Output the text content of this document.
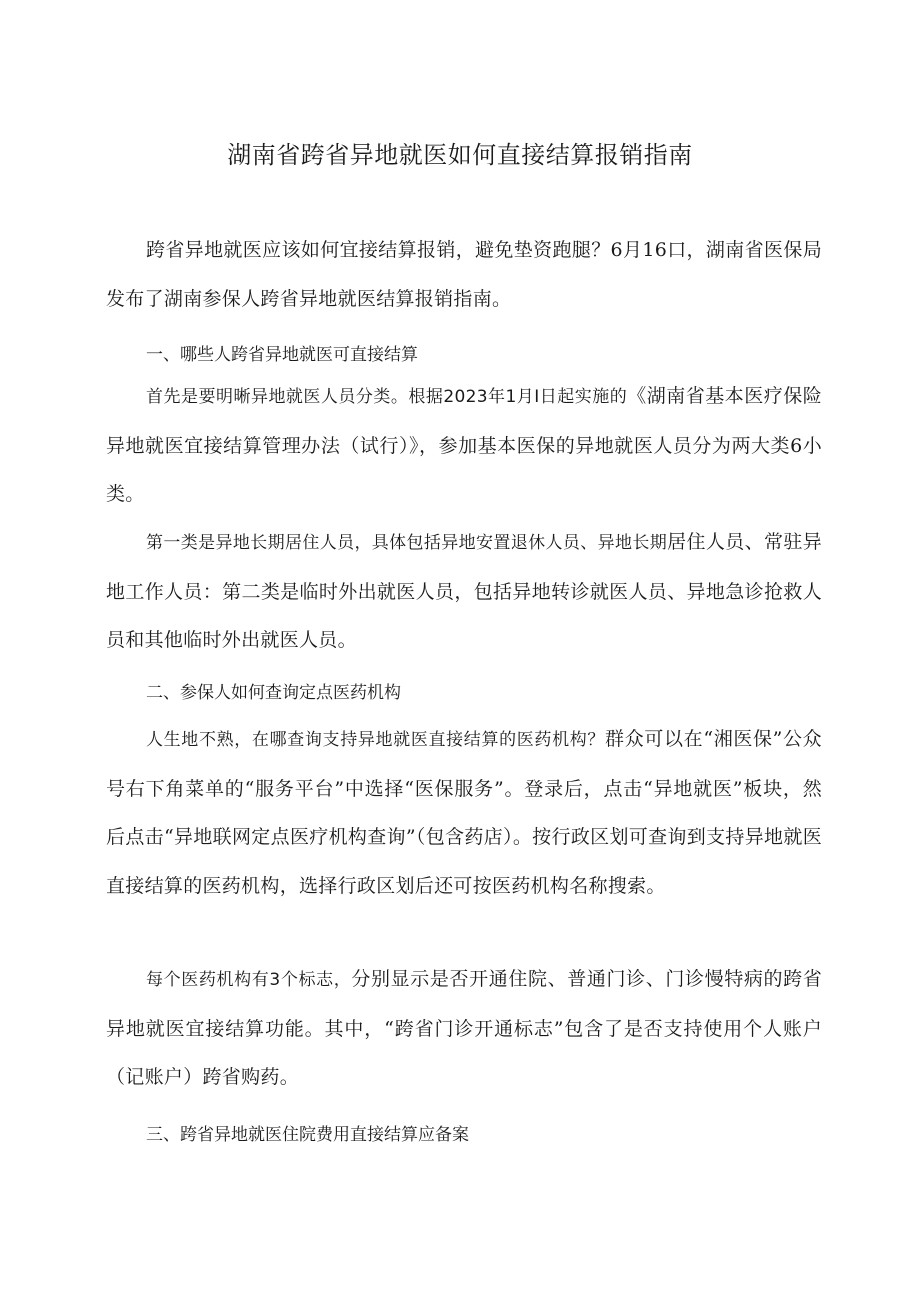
湖南省跨省异地就医如何直接结算报销指南

跨省异地就医应该如何宜接结算报销，避免垫资跑腿？6月16口，湖南省医保局发布了湖南参保人跨省异地就医结算报销指南。

一、哪些人跨省异地就医可直接结算

首先是要明晰异地就医人员分类。根据2023年1月I日起实施的《湖南省基本医疗保险异地就医宜接结算管理办法（试行）》，参加基本医保的异地就医人员分为两大类6小类。

第一类是异地长期居住人员，具体包括异地安置退休人员、异地长期居住人员、常驻异地工作人员：第二类是临时外出就医人员，包括异地转诊就医人员、异地急诊抢救人员和其他临时外出就医人员。

二、参保人如何查询定点医药机构

人生地不熟，在哪查询支持异地就医直接结算的医药机构？群众可以在“湘医保”公众号右下角菜单的“服务平台”中选择“医保服务”。登录后，点击“异地就医”板块，然后点击“异地联网定点医疗机构查询”（包含药店）。按行政区划可查询到支持异地就医直接结算的医药机构，选择行政区划后还可按医药机构名称搜索。

每个医药机构有3个标志，分别显示是否开通住院、普通门诊、门诊慢特病的跨省异地就医宜接结算功能。其中，“跨省门诊开通标志”包含了是否支持使用个人账户（记账户）跨省购药。

三、跨省异地就医住院费用直接结算应备案
